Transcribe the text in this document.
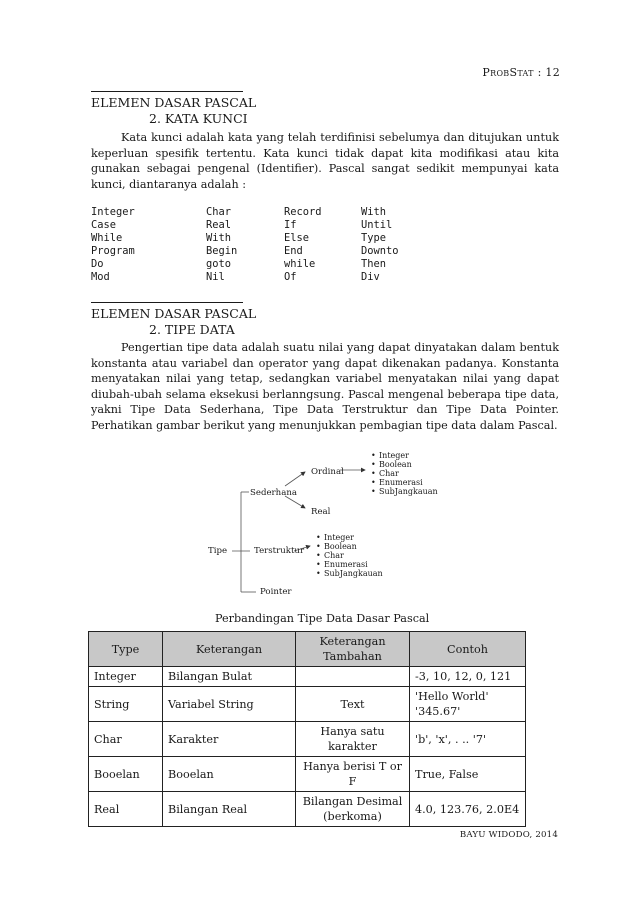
ProbStat : 12
ELEMEN DASAR PASCAL
2. KATA KUNCI
Kata kunci adalah kata yang telah terdifinisi sebelumya dan ditujukan untuk keperluan spesifik tertentu. Kata kunci tidak dapat kita modifikasi atau kita gunakan sebagai pengenal (Identifier). Pascal sangat sedikit mempunyai kata kunci, diantaranya adalah :
Integer	Char	Record	With
Case	Real	If	Until
While	With	Else	Type
Program	Begin	End	Downto
Do	goto	while	Then
Mod	Nil	Of	Div
ELEMEN DASAR PASCAL
2. TIPE DATA
Pengertian tipe data adalah suatu nilai yang dapat dinyatakan dalam bentuk konstanta atau variabel dan operator yang dapat dikenakan padanya. Konstanta menyatakan nilai yang tetap, sedangkan variabel menyatakan nilai yang dapat diubah-ubah selama eksekusi berlanngsung. Pascal mengenal beberapa tipe data, yakni Tipe Data Sederhana, Tipe Data Terstruktur dan Tipe Data Pointer. Perhatikan gambar berikut yang menunjukkan pembagian tipe data dalam Pascal.
Tipe
Sederhana
Ordinal
Real
Terstruktur
Pointer
• Integer
• Boolean
• Char
• Enumerasi
• SubJangkauan
• Integer
• Boolean
• Char
• Enumerasi
• SubJangkauan
Perbandingan Tipe Data Dasar Pascal
Type	Keterangan	Keterangan Tambahan	Contoh
Integer	Bilangan Bulat		-3, 10, 12, 0, 121
String	Variabel String	Text	'Hello World' '345.67'
Char	Karakter	Hanya satu karakter	'b', 'x', . .. '7'
Booelan	Booelan	Hanya berisi T or F	True, False
Real	Bilangan Real	Bilangan Desimal (berkoma)	4.0, 123.76, 2.0E4
BAYU WIDODO, 2014
